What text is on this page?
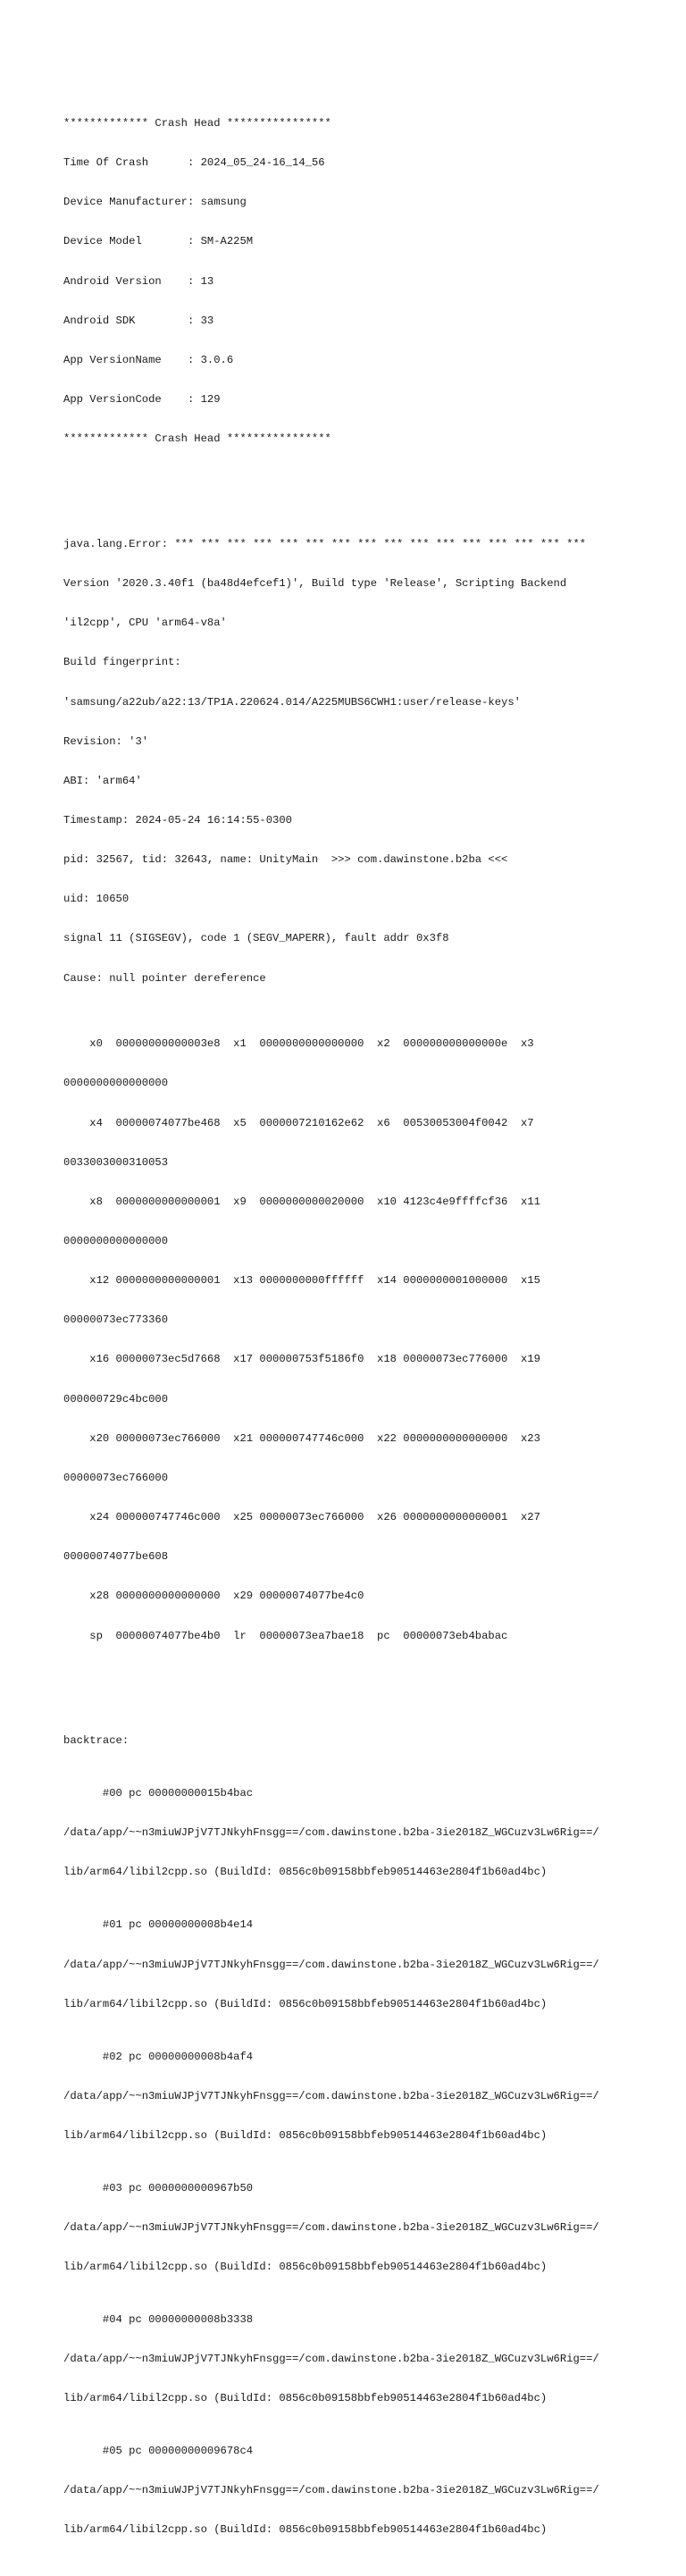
************* Crash Head ****************

Time Of Crash      : 2024_05_24-16_14_56

Device Manufacturer: samsung

Device Model       : SM-A225M

Android Version    : 13

Android SDK        : 33

App VersionName    : 3.0.6

App VersionCode    : 129

************* Crash Head ****************

java.lang.Error: *** *** *** *** *** *** *** *** *** *** *** *** *** *** *** ***

Version '2020.3.40f1 (ba48d4efcef1)', Build type 'Release', Scripting Backend

'il2cpp', CPU 'arm64-v8a'

Build fingerprint:

'samsung/a22ub/a22:13/TP1A.220624.014/A225MUBS6CWH1:user/release-keys'

Revision: '3'

ABI: 'arm64'

Timestamp: 2024-05-24 16:14:55-0300

pid: 32567, tid: 32643, name: UnityMain  >>> com.dawinstone.b2ba <<<

uid: 10650

signal 11 (SIGSEGV), code 1 (SEGV_MAPERR), fault addr 0x3f8

Cause: null pointer dereference

x0  00000000000003e8  x1  0000000000000000  x2  000000000000000e  x3

0000000000000000

x4  00000074077be468  x5  0000007210162e62  x6  00530053004f0042  x7

0033003000310053

x8  0000000000000001  x9  0000000000020000  x10 4123c4e9ffffcf36  x11

0000000000000000

x12 0000000000000001  x13 0000000000ffffff  x14 0000000001000000  x15

00000073ec773360

x16 00000073ec5d7668  x17 000000753f5186f0  x18 00000073ec776000  x19

000000729c4bc000

x20 00000073ec766000  x21 000000747746c000  x22 0000000000000000  x23

00000073ec766000

x24 000000747746c000  x25 00000073ec766000  x26 0000000000000001  x27

00000074077be608

x28 0000000000000000  x29 00000074077be4c0

sp  00000074077be4b0  lr  00000073ea7bae18  pc  00000073eb4babac

backtrace:

#00 pc 00000000015b4bac

/data/app/~~n3miuWJPjV7TJNkyhFnsgg==/com.dawinstone.b2ba-3ie2018Z_WGCuzv3Lw6Rig==/

lib/arm64/libil2cpp.so (BuildId: 0856c0b09158bbfeb90514463e2804f1b60ad4bc)

#01 pc 00000000008b4e14

/data/app/~~n3miuWJPjV7TJNkyhFnsgg==/com.dawinstone.b2ba-3ie2018Z_WGCuzv3Lw6Rig==/

lib/arm64/libil2cpp.so (BuildId: 0856c0b09158bbfeb90514463e2804f1b60ad4bc)

#02 pc 00000000008b4af4

/data/app/~~n3miuWJPjV7TJNkyhFnsgg==/com.dawinstone.b2ba-3ie2018Z_WGCuzv3Lw6Rig==/

lib/arm64/libil2cpp.so (BuildId: 0856c0b09158bbfeb90514463e2804f1b60ad4bc)

#03 pc 0000000000967b50

/data/app/~~n3miuWJPjV7TJNkyhFnsgg==/com.dawinstone.b2ba-3ie2018Z_WGCuzv3Lw6Rig==/

lib/arm64/libil2cpp.so (BuildId: 0856c0b09158bbfeb90514463e2804f1b60ad4bc)

#04 pc 00000000008b3338

/data/app/~~n3miuWJPjV7TJNkyhFnsgg==/com.dawinstone.b2ba-3ie2018Z_WGCuzv3Lw6Rig==/

lib/arm64/libil2cpp.so (BuildId: 0856c0b09158bbfeb90514463e2804f1b60ad4bc)

#05 pc 00000000009678c4

/data/app/~~n3miuWJPjV7TJNkyhFnsgg==/com.dawinstone.b2ba-3ie2018Z_WGCuzv3Lw6Rig==/

lib/arm64/libil2cpp.so (BuildId: 0856c0b09158bbfeb90514463e2804f1b60ad4bc)
